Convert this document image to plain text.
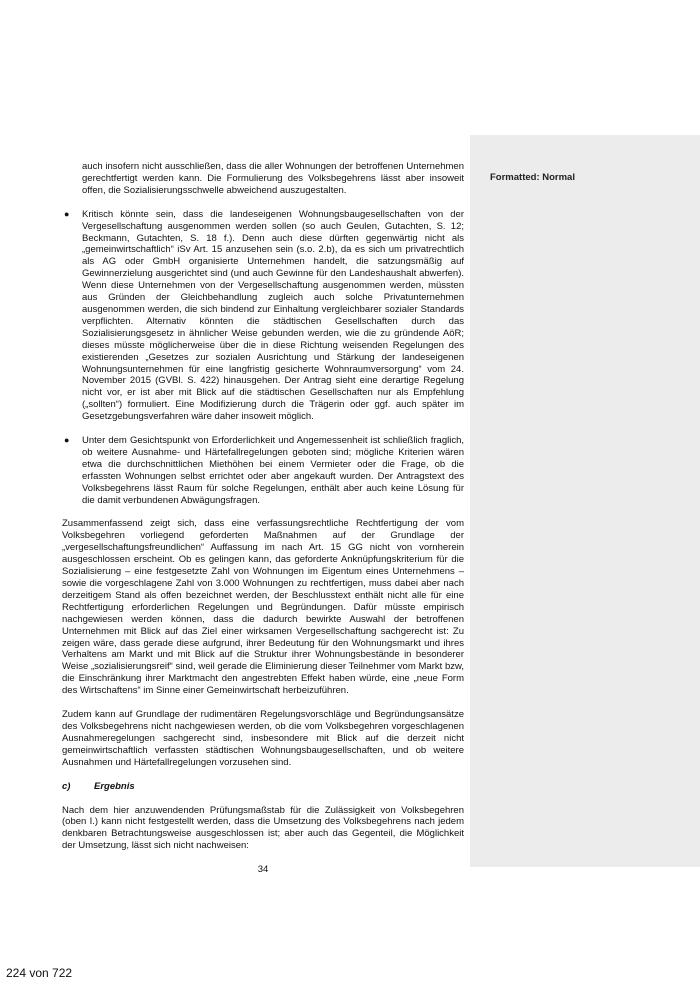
Formatted: Normal

auch insofern nicht ausschließen, dass die aller Wohnungen der betroffenen Unternehmen gerechtfertigt werden kann. Die Formulierung des Volksbegehrens lässt aber insoweit offen, die Sozialisierungsschwelle abweichend auszugestalten.

● Kritisch könnte sein, dass die landeseigenen Wohnungsbaugesellschaften von der Vergesellschaftung ausgenommen werden sollen (so auch Geulen, Gutachten, S. 12; Beckmann, Gutachten, S. 18 f.). Denn auch diese dürften gegenwärtig nicht als „gemeinwirtschaftlich“ iSv Art. 15 anzusehen sein (s.o. 2.b), da es sich um privatrechtlich als AG oder GmbH organisierte Unternehmen handelt, die satzungsmäßig auf Gewinnerzielung ausgerichtet sind (und auch Gewinne für den Landeshaushalt abwerfen). Wenn diese Unternehmen von der Vergesellschaftung ausgenommen werden, müssten aus Gründen der Gleichbehandlung zugleich auch solche Privatunternehmen ausgenommen werden, die sich bindend zur Einhaltung vergleichbarer sozialer Standards verpflichten. Alternativ könnten die städtischen Gesellschaften durch das Sozialisierungsgesetz in ähnlicher Weise gebunden werden, wie die zu gründende AöR; dieses müsste möglicherweise über die in diese Richtung weisenden Regelungen des existierenden „Gesetzes zur sozialen Ausrichtung und Stärkung der landeseigenen Wohnungsunternehmen für eine langfristig gesicherte Wohnraumversorgung“ vom 24. November 2015 (GVBl. S. 422) hinausgehen. Der Antrag sieht eine derartige Regelung nicht vor, er ist aber mit Blick auf die städtischen Gesellschaften nur als Empfehlung („sollten“) formuliert. Eine Modifizierung durch die Trägerin oder ggf. auch später im Gesetzgebungsverfahren wäre daher insoweit möglich.
● Unter dem Gesichtspunkt von Erforderlichkeit und Angemessenheit ist schließlich fraglich, ob weitere Ausnahme- und Härtefallregelungen geboten sind; mögliche Kriterien wären etwa die durchschnittlichen Miethöhen bei einem Vermieter oder die Frage, ob die erfassten Wohnungen selbst errichtet oder aber angekauft wurden. Der Antragstext des Volksbegehrens lässt Raum für solche Regelungen, enthält aber auch keine Lösung für die damit verbundenen Abwägungsfragen.

Zusammenfassend zeigt sich, dass eine verfassungsrechtliche Rechtfertigung der vom Volksbegehren vorliegend geforderten Maßnahmen auf der Grundlage der „vergesellschaftungsfreundlichen“ Auffassung im nach Art. 15 GG nicht von vornherein ausgeschlossen erscheint. Ob es gelingen kann, das geforderte Anknüpfungskriterium für die Sozialisierung – eine festgesetzte Zahl von Wohnungen im Eigentum eines Unternehmens – sowie die vorgeschlagene Zahl von 3.000 Wohnungen zu rechtfertigen, muss dabei aber nach derzeitigem Stand als offen bezeichnet werden, der Beschlusstext enthält nicht alle für eine Rechtfertigung erforderlichen Regelungen und Begründungen. Dafür müsste empirisch nachgewiesen werden können, dass die dadurch bewirkte Auswahl der betroffenen Unternehmen mit Blick auf das Ziel einer wirksamen Vergesellschaftung sachgerecht ist: Zu zeigen wäre, dass gerade diese aufgrund, ihrer Bedeutung für den Wohnungsmarkt und ihres Verhaltens am Markt und mit Blick auf die Struktur ihrer Wohnungsbestände in besonderer Weise „sozialisierungsreif“ sind, weil gerade die Eliminierung dieser Teilnehmer vom Markt bzw, die Einschränkung ihrer Marktmacht den angestrebten Effekt haben würde, eine „neue Form des Wirtschaftens“ im Sinne einer Gemeinwirtschaft herbeizuführen.

Zudem kann auf Grundlage der rudimentären Regelungsvorschläge und Begründungsansätze des Volksbegehrens nicht nachgewiesen werden, ob die vom Volksbegehren vorgeschlagenen Ausnahmeregelungen sachgerecht sind, insbesondere mit Blick auf die derzeit nicht gemeinwirtschaftlich verfassten städtischen Wohnungsbaugesellschaften, und ob weitere Ausnahmen und Härtefallregelungen vorzusehen sind.

c)	Ergebnis

Nach dem hier anzuwendenden Prüfungsmaßstab für die Zulässigkeit von Volksbegehren (oben I.) kann nicht festgestellt werden, dass die Umsetzung des Volksbegehrens nach jedem denkbaren Betrachtungsweise ausgeschlossen ist; aber auch das Gegenteil, die Möglichkeit der Umsetzung, lässt sich nicht nachweisen:

34

224 von 722
